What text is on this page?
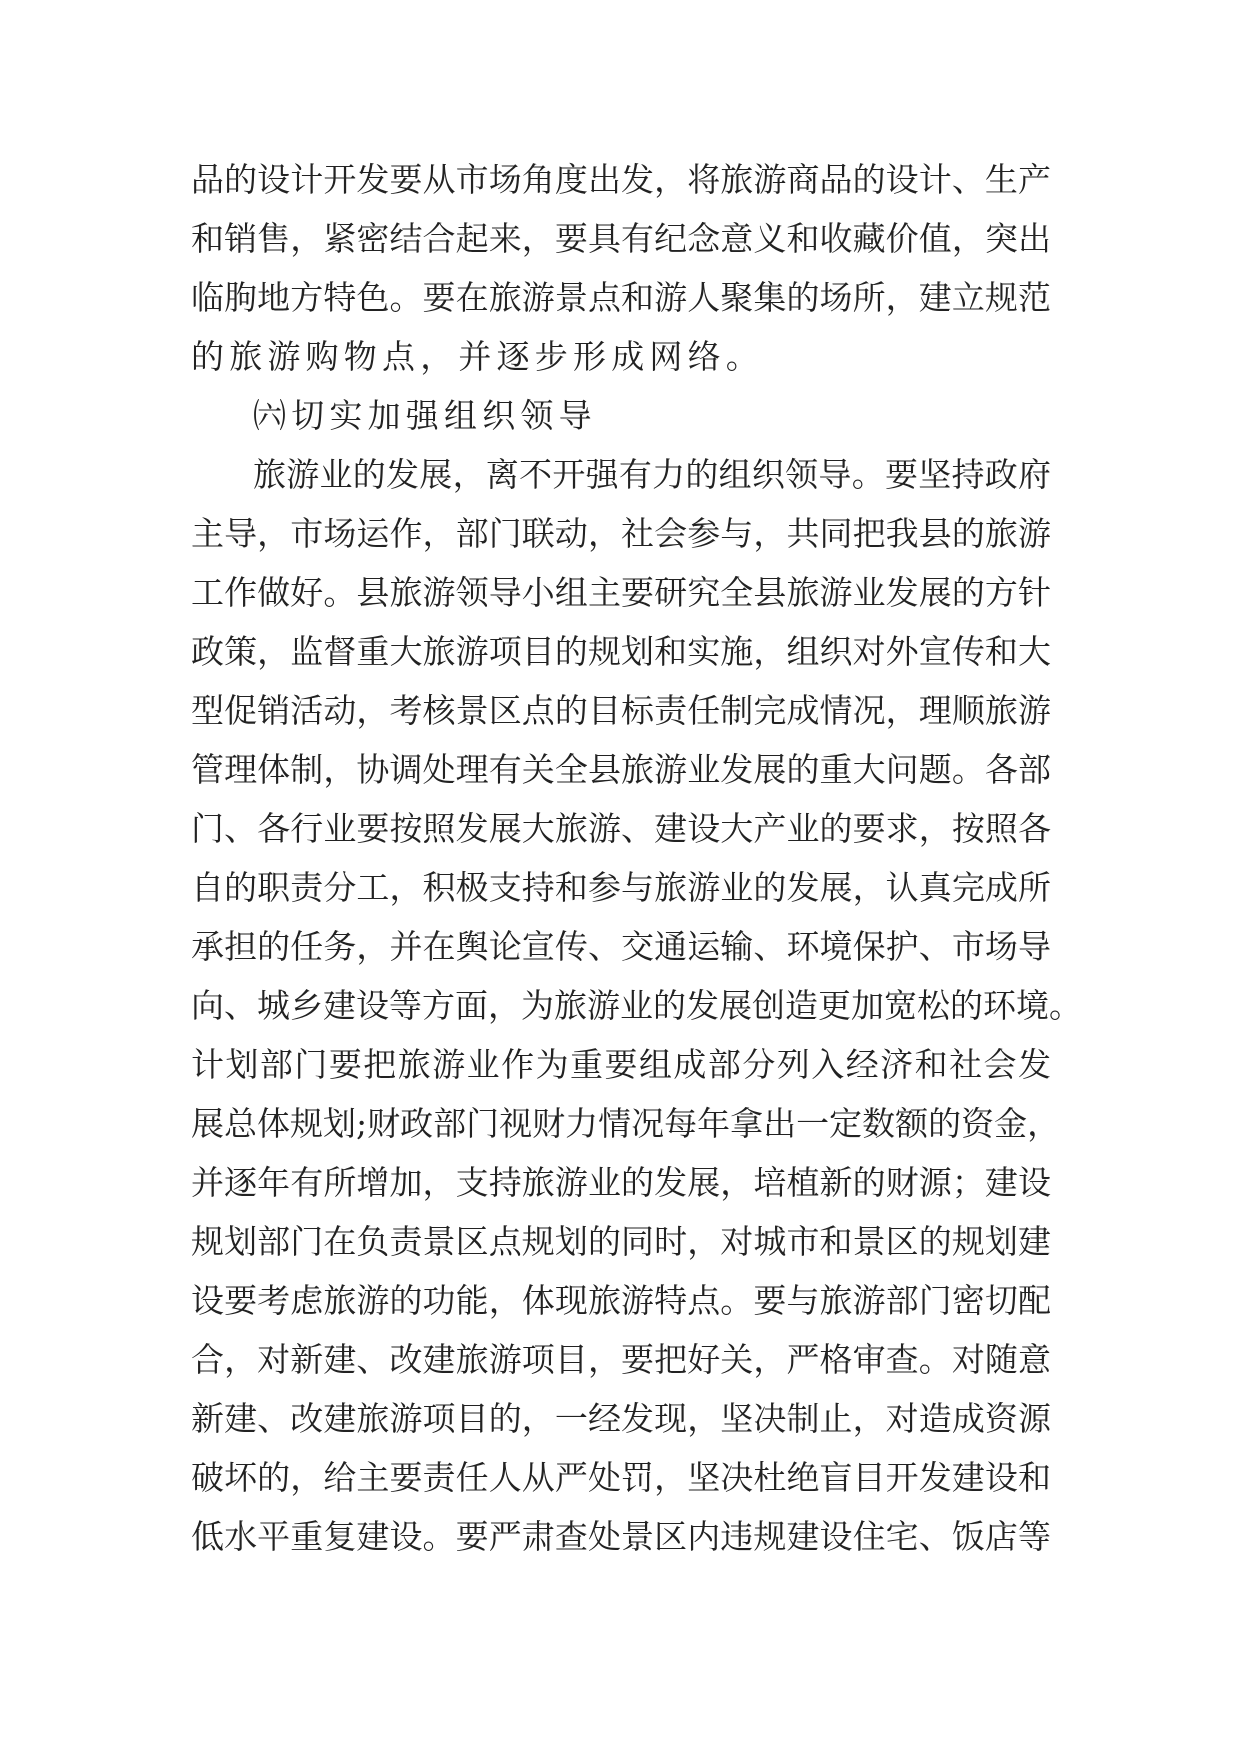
品的设计开发要从市场角度出发，将旅游商品的设计、生产
和销售，紧密结合起来，要具有纪念意义和收藏价值，突出
临朐地方特色。要在旅游景点和游人聚集的场所，建立规范
的旅游购物点，并逐步形成网络。
㈥切实加强组织领导
旅游业的发展，离不开强有力的组织领导。要坚持政府
主导，市场运作，部门联动，社会参与，共同把我县的旅游
工作做好。县旅游领导小组主要研究全县旅游业发展的方针
政策，监督重大旅游项目的规划和实施，组织对外宣传和大
型促销活动，考核景区点的目标责任制完成情况，理顺旅游
管理体制，协调处理有关全县旅游业发展的重大问题。各部
门、各行业要按照发展大旅游、建设大产业的要求，按照各
自的职责分工，积极支持和参与旅游业的发展，认真完成所
承担的任务，并在舆论宣传、交通运输、环境保护、市场导
向、城乡建设等方面，为旅游业的发展创造更加宽松的环境。
计划部门要把旅游业作为重要组成部分列入经济和社会发
展总体规划;财政部门视财力情况每年拿出一定数额的资金，
并逐年有所增加，支持旅游业的发展，培植新的财源；建设
规划部门在负责景区点规划的同时，对城市和景区的规划建
设要考虑旅游的功能，体现旅游特点。要与旅游部门密切配
合，对新建、改建旅游项目，要把好关，严格审查。对随意
新建、改建旅游项目的，一经发现，坚决制止，对造成资源
破坏的，给主要责任人从严处罚，坚决杜绝盲目开发建设和
低水平重复建设。要严肃查处景区内违规建设住宅、饭店等
